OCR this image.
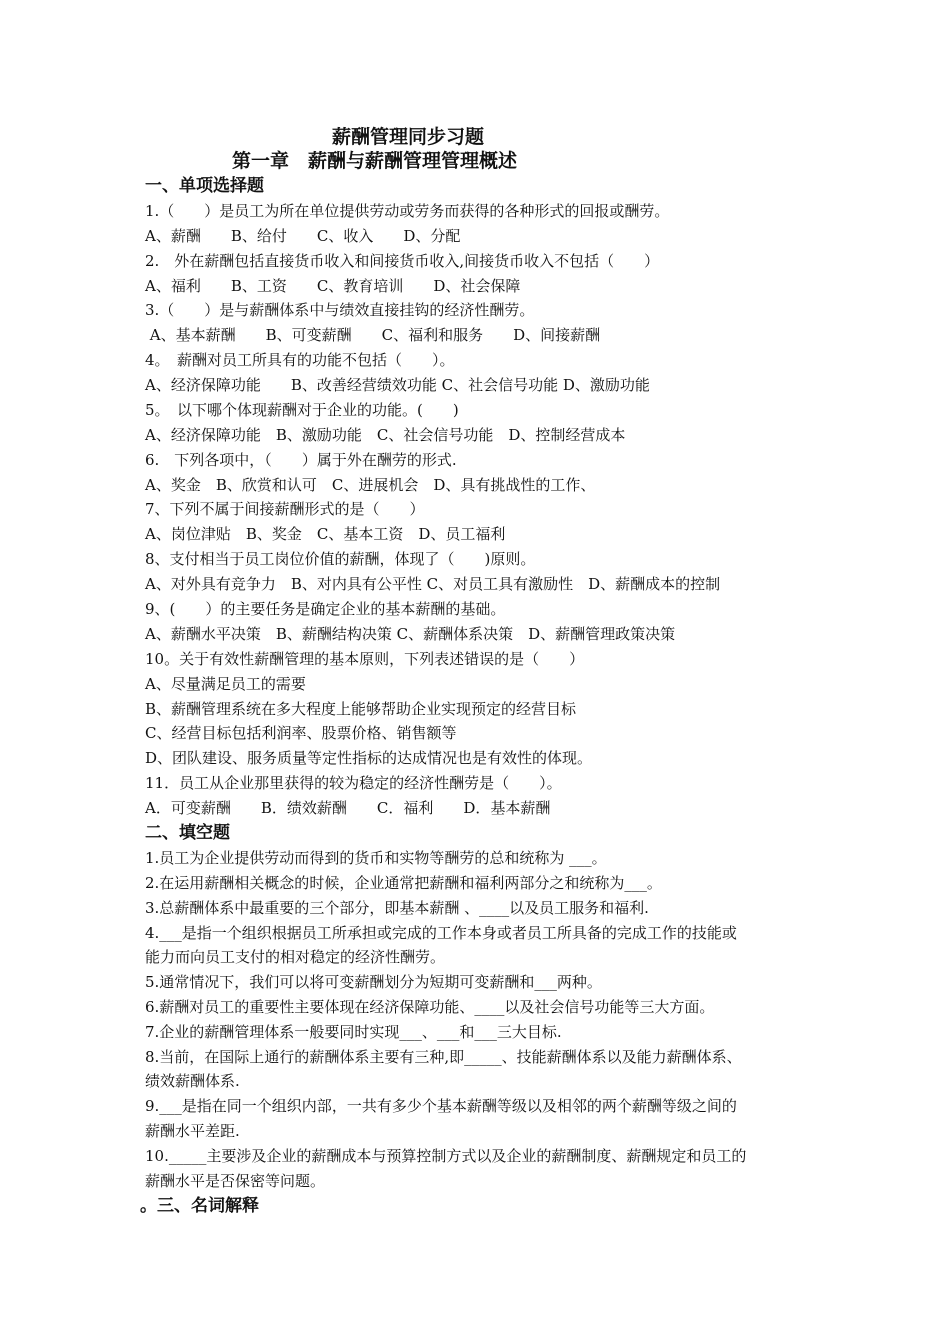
薪酬管理同步习题
第一章　薪酬与薪酬管理管理概述
一、单项选择题
1.（　　）是员工为所在单位提供劳动或劳务而获得的各种形式的回报或酬劳。
A、薪酬　　B、给付　　C、收入　　D、分配
2.　外在薪酬包括直接货币收入和间接货币收入,间接货币收入不包括（　　）
A、福利　　B、工资　　C、教育培训　　D、社会保障
3.（　　）是与薪酬体系中与绩效直接挂钩的经济性酬劳。
A、基本薪酬　　B、可变薪酬　　C、福利和服务　　D、间接薪酬
4。　薪酬对员工所具有的功能不包括（　　）。
A、经济保障功能　　B、改善经营绩效功能 C、社会信号功能 D、激励功能
5。　以下哪个体现薪酬对于企业的功能。(　　)
A、经济保障功能　B、激励功能　C、社会信号功能　D、控制经营成本
6.　下列各项中，（　　）属于外在酬劳的形式.
A、奖金　B、欣赏和认可　C、进展机会　D、具有挑战性的工作、
7、下列不属于间接薪酬形式的是（　　）
A、岗位津贴　B、奖金　C、基本工资　D、员工福利
8、支付相当于员工岗位价值的薪酬，体现了（　　)原则。
A、对外具有竞争力　B、对内具有公平性 C、对员工具有激励性　D、薪酬成本的控制
9、(　　）的主要任务是确定企业的基本薪酬的基础。
A、薪酬水平决策　B、薪酬结构决策 C、薪酬体系决策　D、薪酬管理政策决策
10。关于有效性薪酬管理的基本原则，下列表述错误的是（　　）
A、尽量满足员工的需要
B、薪酬管理系统在多大程度上能够帮助企业实现预定的经营目标
C、经营目标包括利润率、股票价格、销售额等
D、团队建设、服务质量等定性指标的达成情况也是有效性的体现。
11．员工从企业那里获得的较为稳定的经济性酬劳是（　　）。
A．可变薪酬　　B．绩效薪酬　　C．福利　　D．基本薪酬
二、填空题
1.员工为企业提供劳动而得到的货币和实物等酬劳的总和统称为 ___。
2.在运用薪酬相关概念的时候，企业通常把薪酬和福利两部分之和统称为___。
3.总薪酬体系中最重要的三个部分，即基本薪酬 、____以及员工服务和福利.
4.___是指一个组织根据员工所承担或完成的工作本身或者员工所具备的完成工作的技能或
能力而向员工支付的相对稳定的经济性酬劳。
5.通常情况下，我们可以将可变薪酬划分为短期可变薪酬和___两种。
6.薪酬对员工的重要性主要体现在经济保障功能、____以及社会信号功能等三大方面。
7.企业的薪酬管理体系一般要同时实现___、___和___三大目标.
8.当前，在国际上通行的薪酬体系主要有三种,即_____、技能薪酬体系以及能力薪酬体系、
绩效薪酬体系.
9.___是指在同一个组织内部，一共有多少个基本薪酬等级以及相邻的两个薪酬等级之间的
薪酬水平差距.
10._____主要涉及企业的薪酬成本与预算控制方式以及企业的薪酬制度、薪酬规定和员工的
薪酬水平是否保密等问题。
。三、名词解释
